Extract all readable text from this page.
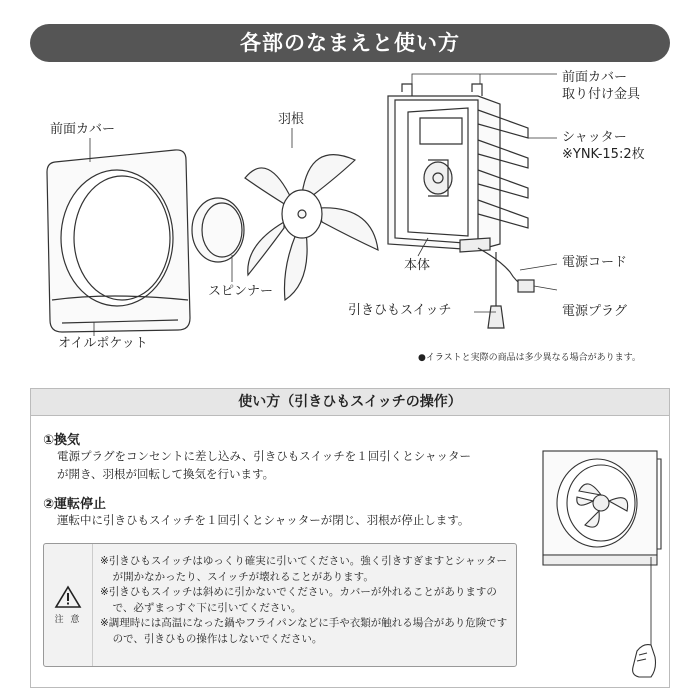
各部のなまえと使い方
前面カバー
羽根
前面カバー
取り付け金具
シャッター
※YNK-15:2枚
スピンナー
本体	電源コード
引きひもスイッチ	電源プラグ
オイルポケット
●イラストと実際の商品は多少異なる場合があります。
使い方（引きひもスイッチの操作）
①換気
電源プラグをコンセントに差し込み、引きひもスイッチを１回引くとシャッター
が開き、羽根が回転して換気を行います。
②運転停止
運転中に引きひもスイッチを１回引くとシャッターが閉じ、羽根が停止します。
注 意
※引きひもスイッチはゆっくり確実に引いてください。強く引きすぎますとシャッターが開かなかったり、スイッチが壊れることがあります。
※引きひもスイッチは斜めに引かないでください。カバーが外れることがありますので、必ずまっすぐ下に引いてください。
※調理時には高温になった鍋やフライパンなどに手や衣類が触れる場合があり危険ですので、引きひもの操作はしないでください。
